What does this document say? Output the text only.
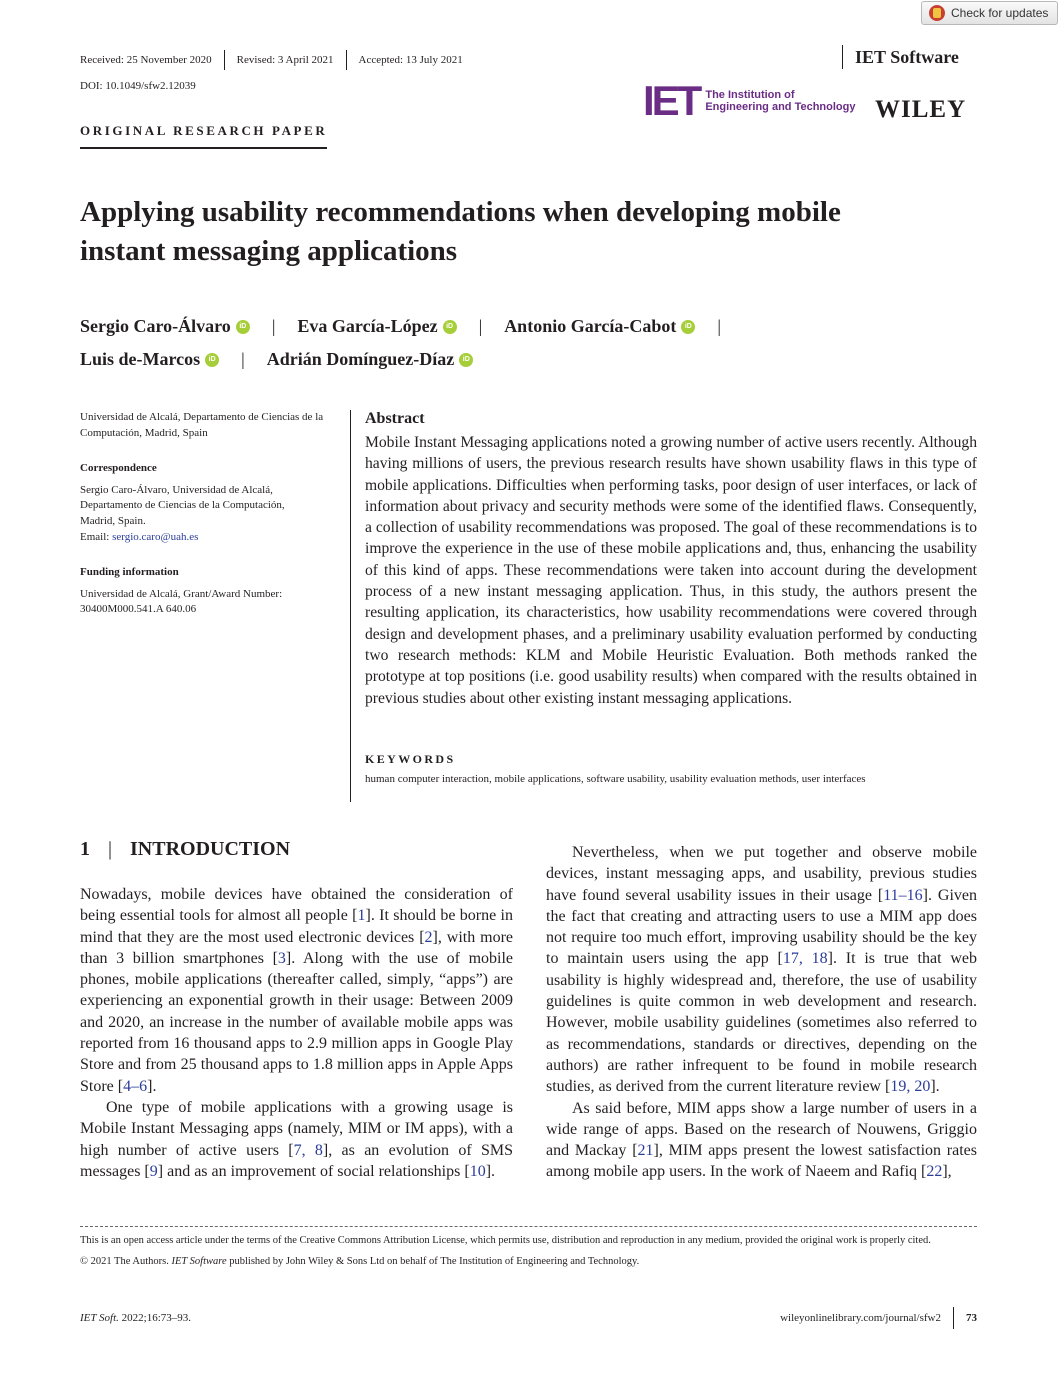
Check for updates
Received: 25 November 2020 Revised: 3 April 2021 Accepted: 13 July 2021
DOI: 10.1049/sfw2.12039
IET Software
IET The Institution of
Engineering and Technology WILEY
ORIGINAL RESEARCH PAPER
Applying usability recommendations when developing mobile
instant messaging applications
Sergio Caro-Álvaro	iD | Eva García-López	iD | Antonio García-Cabot	iD |
Luis de-Marcos	iD | Adrián Domínguez-Díaz	iD
Universidad de Alcalá, Departamento de Ciencias de la Computación, Madrid, Spain
Correspondence
Sergio Caro-Álvaro, Universidad de Alcalá,
Departamento de Ciencias de la Computación,
Madrid, Spain.
Email: sergio.caro@uah.es
Funding information
Universidad de Alcalá, Grant/Award Number:
30400M000.541.A 640.06
Abstract
Mobile Instant Messaging applications noted a growing number of active users recently. Although having millions of users, the previous research results have shown usability flaws in this type of mobile applications. Difficulties when performing tasks, poor design of user interfaces, or lack of information about privacy and security methods were some of the identified flaws. Consequently, a collection of usability recommendations was proposed. The goal of these recommendations is to improve the experience in the use of these mobile applications and, thus, enhancing the usability of this kind of apps. These recommendations were taken into account during the development process of a new instant messaging application. Thus, in this study, the authors present the resulting application, its characteristics, how usability recommendations were covered through design and development phases, and a preliminary usability evaluation performed by conducting two research methods: KLM and Mobile Heuristic Evaluation. Both methods ranked the prototype at top positions (i.e. good usability results) when compared with the results obtained in previous studies about other existing instant messaging applications.
KEYWORDS
human computer interaction, mobile applications, software usability, usability evaluation methods, user interfaces
1 | INTRODUCTION

Nowadays, mobile devices have obtained the consideration of being essential tools for almost all people [1]. It should be borne in mind that they are the most used electronic devices [2], with more than 3 billion smartphones [3]. Along with the use of mobile phones, mobile applications (thereafter called, simply, “apps”) are experiencing an exponential growth in their usage: Between 2009 and 2020, an increase in the number of available mobile apps was reported from 16 thousand apps to 2.9 million apps in Google Play Store and from 25 thousand apps to 1.8 million apps in Apple Apps Store [4–6].

One type of mobile applications with a growing usage is Mobile Instant Messaging apps (namely, MIM or IM apps), with a high number of active users [7, 8], as an evolution of SMS messages [9] and as an improvement of social relationships [10].

Nevertheless, when we put together and observe mobile devices, instant messaging apps, and usability, previous studies have found several usability issues in their usage [11–16]. Given the fact that creating and attracting users to use a MIM app does not require too much effort, improving usability should be the key to maintain users using the app [17, 18]. It is true that web usability is highly widespread and, therefore, the use of usability guidelines is quite common in web development and research. However, mobile usability guidelines (sometimes also referred to as recommendations, standards or directives, depending on the authors) are rather infrequent to be found in mobile research studies, as derived from the current literature review [19, 20].

As said before, MIM apps show a large number of users in a wide range of apps. Based on the research of Nouwens, Griggio and Mackay [21], MIM apps present the lowest satisfaction rates among mobile app users. In the work of Naeem and Rafiq [22],

This is an open access article under the terms of the Creative Commons Attribution License, which permits use, distribution and reproduction in any medium, provided the original work is properly cited.

© 2021 The Authors. IET Software published by John Wiley & Sons Ltd on behalf of The Institution of Engineering and Technology.

IET Soft. 2022;16:73–93.	wileyonlinelibrary.com/journal/sfw2 73
